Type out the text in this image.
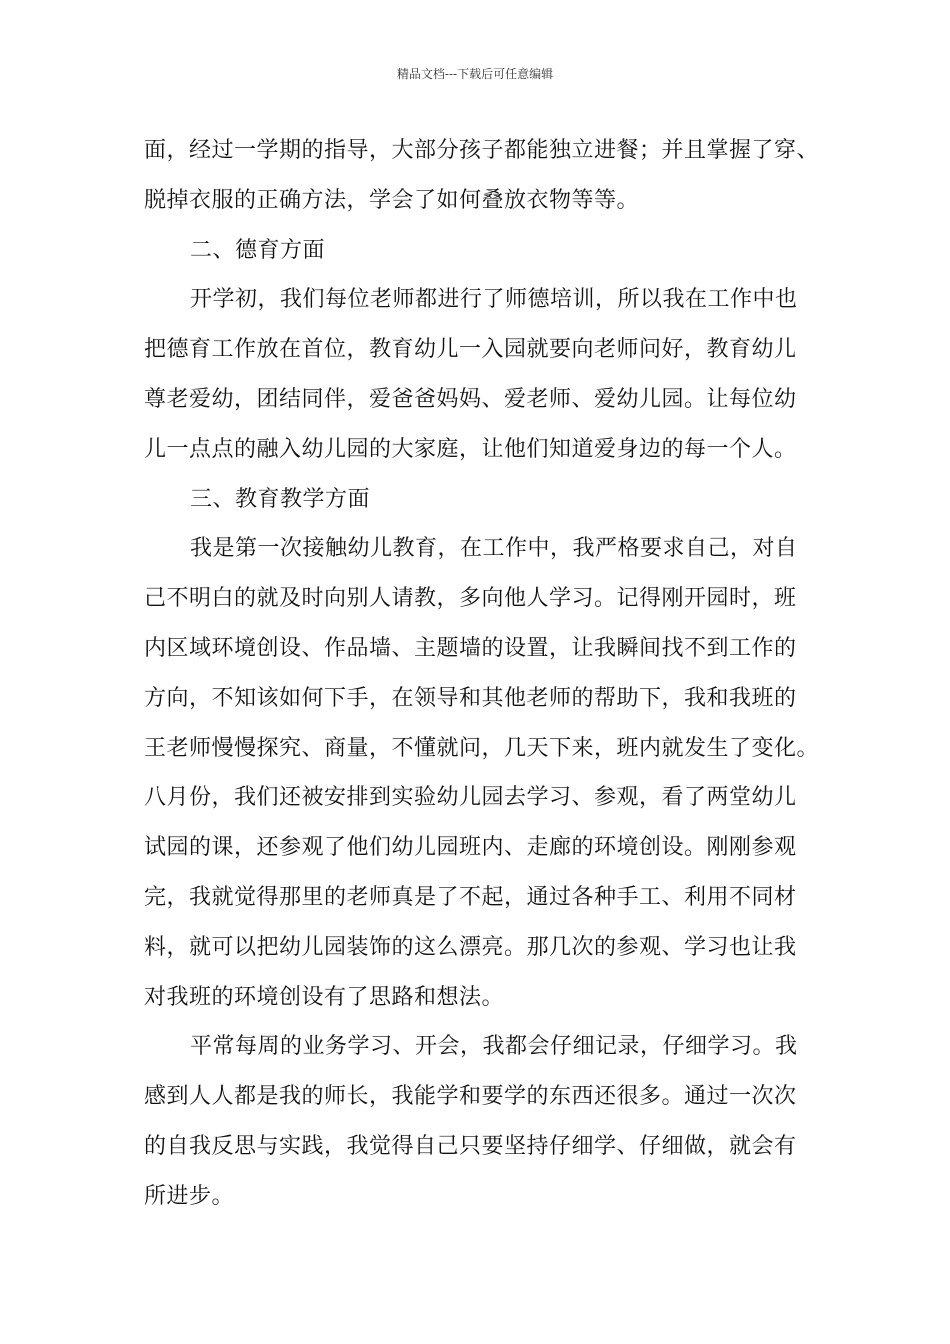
精品文档---下载后可任意编辑

面，经过一学期的指导，大部分孩子都能独立进餐；并且掌握了穿、

脱掉衣服的正确方法，学会了如何叠放衣物等等。

二、德育方面

开学初，我们每位老师都进行了师德培训，所以我在工作中也

把德育工作放在首位，教育幼儿一入园就要向老师问好，教育幼儿

尊老爱幼，团结同伴，爱爸爸妈妈、爱老师、爱幼儿园。让每位幼

儿一点点的融入幼儿园的大家庭，让他们知道爱身边的每一个人。

三、教育教学方面

我是第一次接触幼儿教育，在工作中，我严格要求自己，对自

己不明白的就及时向别人请教，多向他人学习。记得刚开园时，班

内区域环境创设、作品墙、主题墙的设置，让我瞬间找不到工作的

方向，不知该如何下手，在领导和其他老师的帮助下，我和我班的

王老师慢慢探究、商量，不懂就问，几天下来，班内就发生了变化。

八月份，我们还被安排到实验幼儿园去学习、参观，看了两堂幼儿

试园的课，还参观了他们幼儿园班内、走廊的环境创设。刚刚参观

完，我就觉得那里的老师真是了不起，通过各种手工、利用不同材

料，就可以把幼儿园装饰的这么漂亮。那几次的参观、学习也让我

对我班的环境创设有了思路和想法。

平常每周的业务学习、开会，我都会仔细记录，仔细学习。我

感到人人都是我的师长，我能学和要学的东西还很多。通过一次次

的自我反思与实践，我觉得自己只要坚持仔细学、仔细做，就会有

所进步。
